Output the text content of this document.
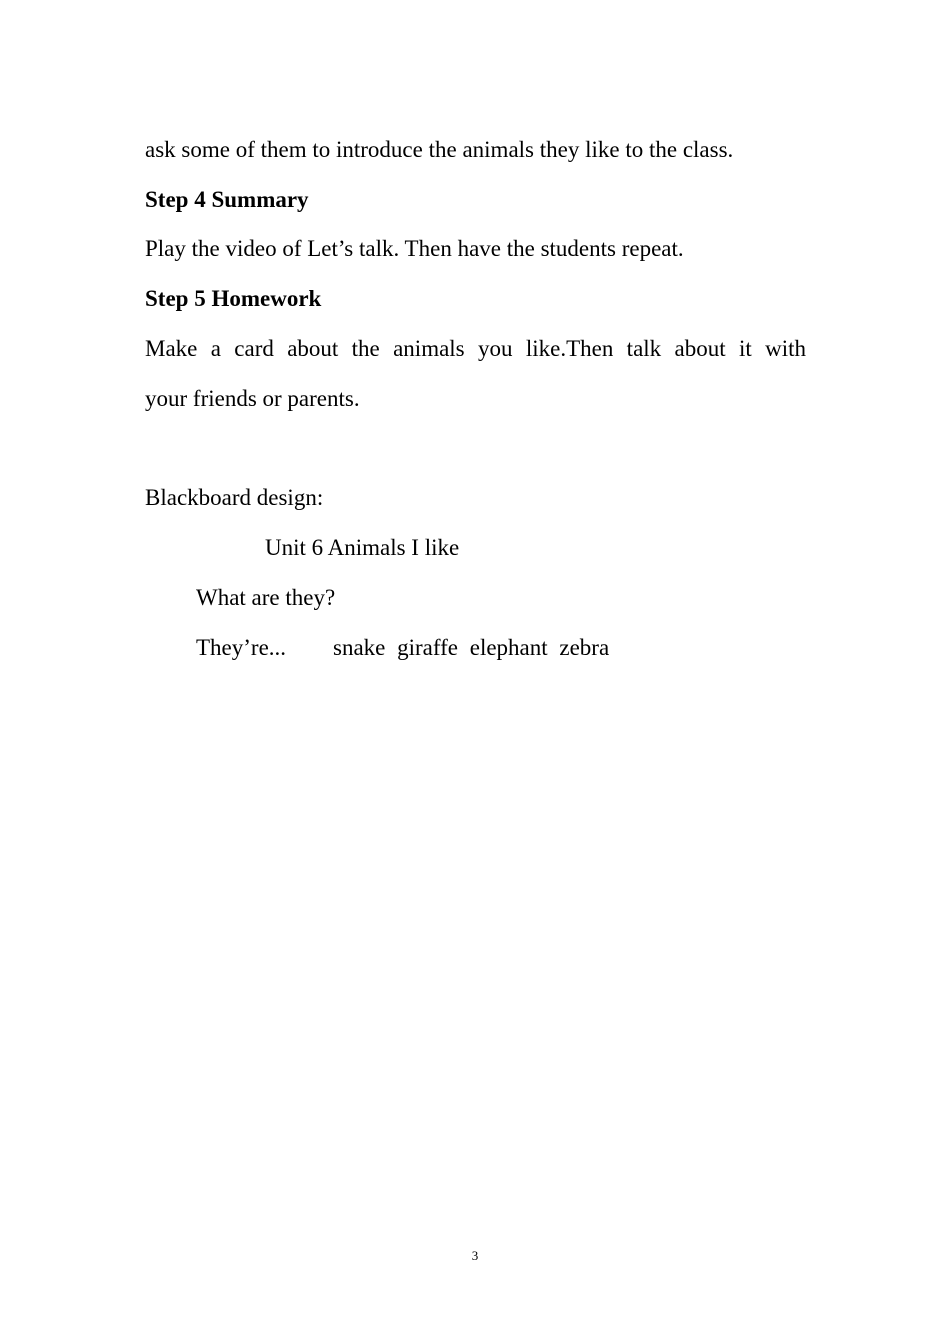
ask some of them to introduce the animals they like to the class.
Step 4 Summary
Play the video of Let’s talk. Then have the students repeat.
Step 5 Homework
Make a card about the animals you like.Then talk about it with
your friends or parents.
Blackboard design:
Unit 6 Animals I like
What are they?
They’re... snake giraffe elephant zebra
3
